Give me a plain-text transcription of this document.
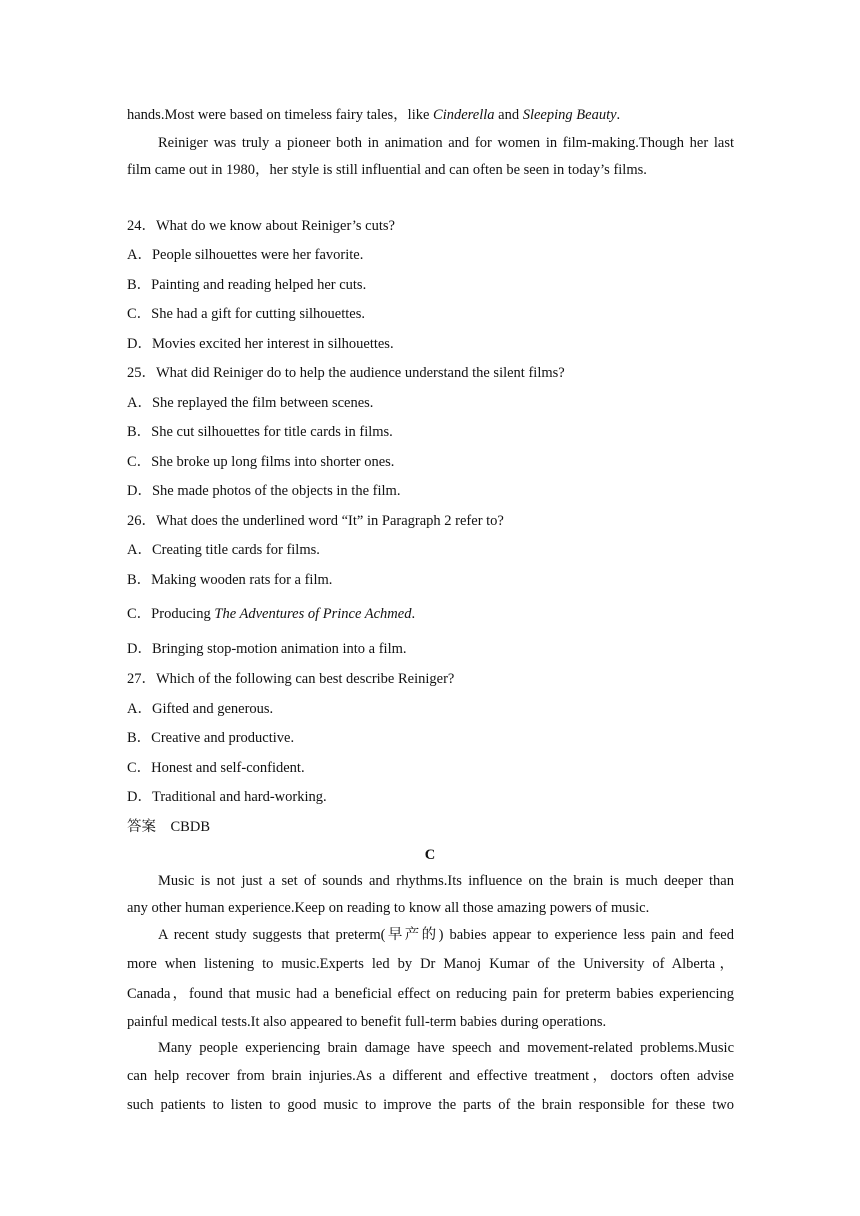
hands.Most were based on timeless fairy tales，like Cinderella and Sleeping Beauty.
Reiniger was truly a pioneer both in animation and for women in film-making.Though her last
film came out in 1980，her style is still influential and can often be seen in today’s films.
24．What do we know about Reiniger’s cuts?
A．People silhouettes were her favorite.
B．Painting and reading helped her cuts.
C．She had a gift for cutting silhouettes.
D．Movies excited her interest in silhouettes.
25．What did Reiniger do to help the audience understand the silent films?
A．She replayed the film between scenes.
B．She cut silhouettes for title cards in films.
C．She broke up long films into shorter ones.
D．She made photos of the objects in the film.
26．What does the underlined word “It” in Paragraph 2 refer to?
A．Creating title cards for films.
B．Making wooden rats for a film.
C．Producing The Adventures of Prince Achmed.
D．Bringing stop-motion animation into a film.
27．Which of the following can best describe Reiniger?
A．Gifted and generous.
B．Creative and productive.
C．Honest and self-confident.
D．Traditional and hard-working.
答案　CBDB
C
Music is not just a set of sounds and rhythms.Its influence on the brain is much deeper than
any other human experience.Keep on reading to know all those amazing powers of music.
A recent study suggests that preterm(早产的) babies appear to experience less pain and feed
more when listening to music.Experts led by Dr Manoj Kumar of the University of Alberta，
Canada，found that music had a beneficial effect on reducing pain for preterm babies experiencing
painful medical tests.It also appeared to benefit full-term babies during operations.
Many people experiencing brain damage have speech and movement-related problems.Music
can help recover from brain injuries.As a different and effective treatment，doctors often advise
such patients to listen to good music to improve the parts of the brain responsible for these two
